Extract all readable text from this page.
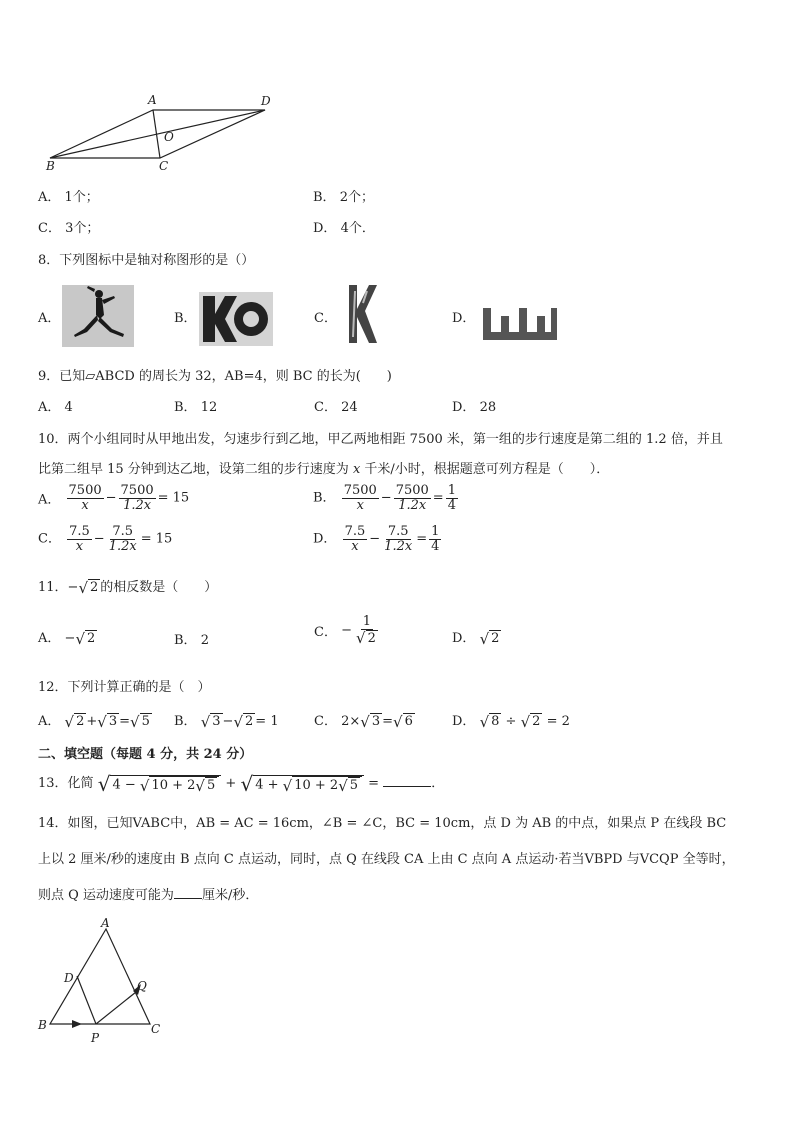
A	D
O
B	C
A． 1个；	B． 2个；
C． 3个；	D． 4个．
8．下列图标中是轴对称图形的是（）
A．	B．	C．	D．
9．已知▱ABCD 的周长为 32，AB=4，则 BC 的长为(　　)
A． 4	B． 12	C． 24	D． 28
10．两个小组同时从甲地出发，匀速步行到乙地，甲乙两地相距 7500 米，第一组的步行速度是第二组的 1.2 倍，并且
比第二组早 15 分钟到达乙地，设第二组的步行速度为 x 千米/小时，根据题意可列方程是（　　）．
A． $\frac{7500}{x} - \frac{7500}{1.2x} = 15$	B． $\frac{7500}{x} - \frac{7500}{1.2x} = \frac{1}{4}$
C． $\frac{7.5}{x} - \frac{7.5}{1.2x} = 15$	D． $\frac{7.5}{x} - \frac{7.5}{1.2x} = \frac{1}{4}$
11．− √ 2 的相反数是（　　）
A． − √ 2	B． 2
C． − $\frac{1}{√ 2}$	D． √ 2
12．下列计算正确的是（　）
A． √ 2 + √ 3 = √ 5 B． √ 3 − √ 2 = 1	C． 2× √ 3 = √ 6	D． √ 8 ÷ √ 2 = 2
二、填空题（每题 4 分，共 24 分）
13．化简 √ 4 − √ 10 + 2 √ 5 + √ 4 + √ 10 + 2 √ 5 =	．
14．如图，已知VABC中，AB = AC = 16cm，∠B = ∠C，BC = 10cm，点 D 为 AB 的中点，如果点 P 在线段 BC
上以 2 厘米/秒的速度由 B 点向 C 点运动，同时，点 Q 在线段 CA 上由 C 点向 A 点运动·若当VBPD 与VCQP 全等时，
则点 Q 运动速度可能为 厘米/秒．
A
D
Q
B
P
C
